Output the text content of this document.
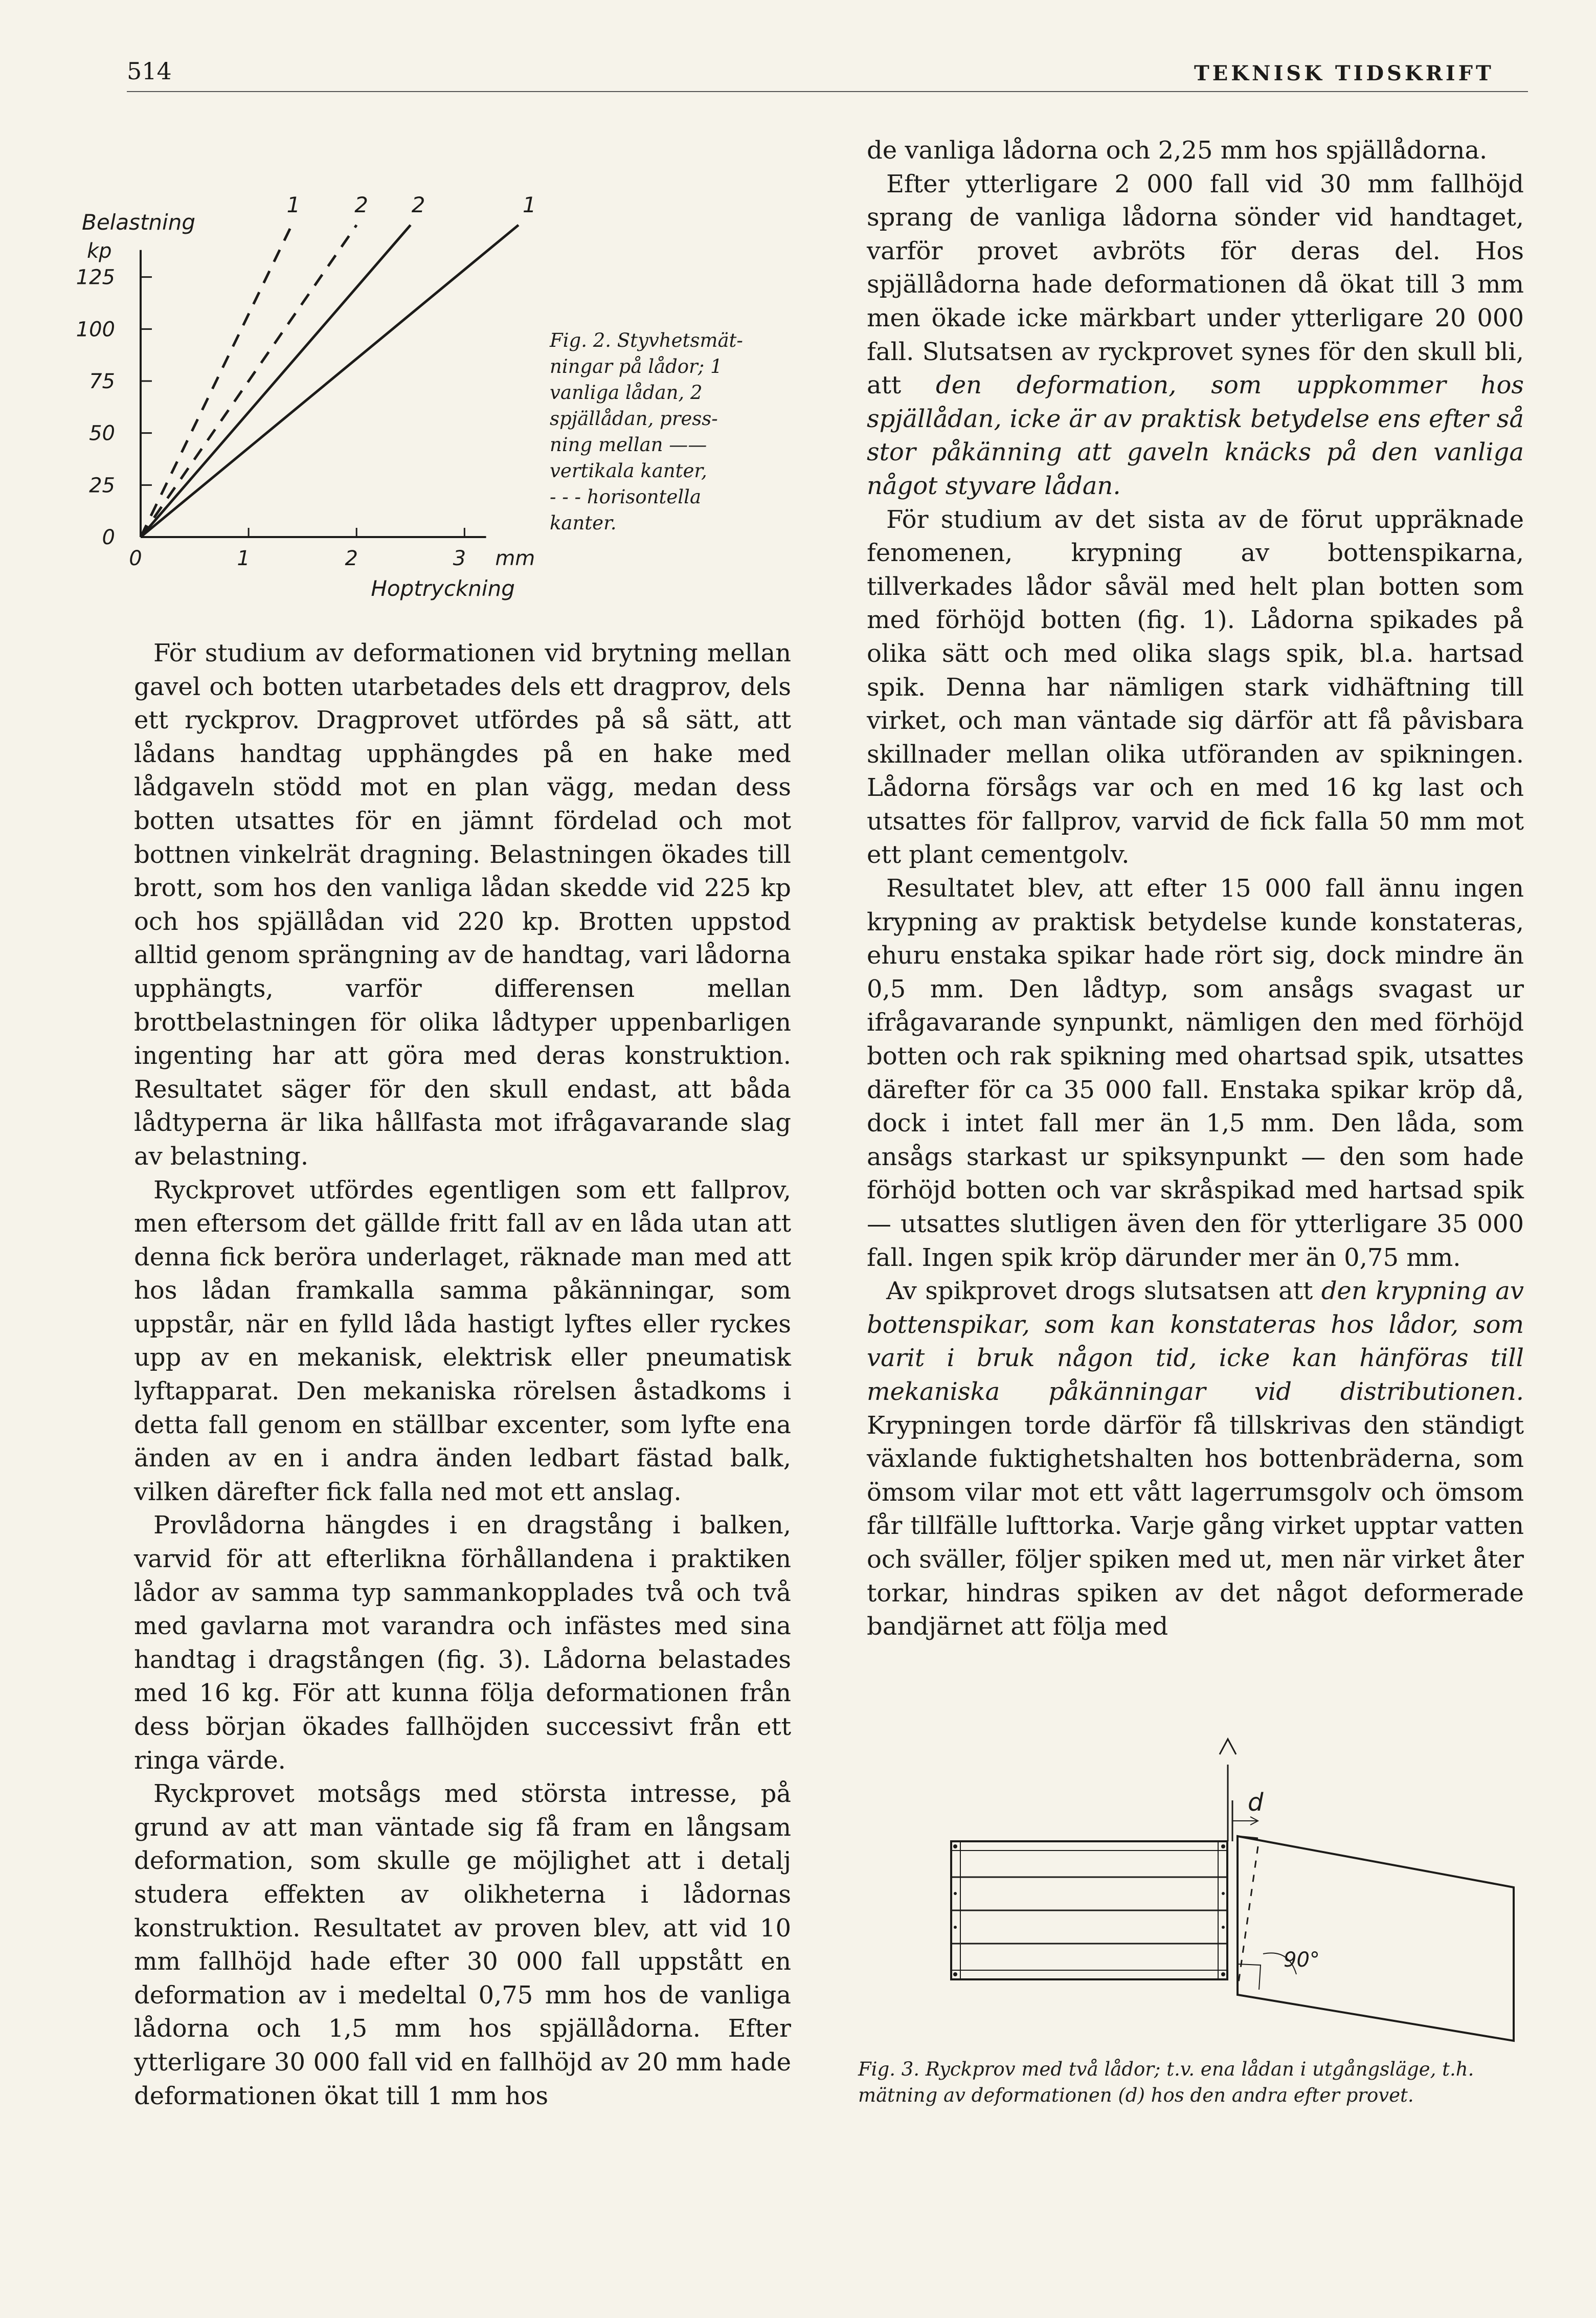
514	TEKNISK TIDSKRIFT
0
25
50
75
100
125
0	1	2	3 mm
Hoptryckning
Belastning
kp
1	2 2	1
Fig. 2. Styvhetsmät-
ningar på lådor; 1
vanliga lådan, 2
spjällådan, press-
ning mellan ——
vertikala kanter,
- - - horisontella
kanter.

För studium av deformationen vid brytning mellan gavel och botten utarbetades dels ett dragprov, dels ett ryckprov. Dragprovet utfördes på så sätt, att lådans handtag upphängdes på en hake med lådgaveln stödd mot en plan vägg, medan dess botten utsattes för en jämnt fördelad och mot bottnen vinkelrät dragning. Belastningen ökades till brott, som hos den vanliga lådan skedde vid 225 kp och hos spjällådan vid 220 kp. Brotten uppstod alltid genom sprängning av de handtag, vari lådorna upphängts, varför differensen mellan brottbelastningen för olika lådtyper uppenbarligen ingenting har att göra med deras konstruktion. Resultatet säger för den skull endast, att båda lådtyperna är lika hållfasta mot ifrågavarande slag av belastning.

Ryckprovet utfördes egentligen som ett fallprov, men eftersom det gällde fritt fall av en låda utan att denna fick beröra underlaget, räknade man med att hos lådan framkalla samma påkänningar, som uppstår, när en fylld låda hastigt lyftes eller ryckes upp av en mekanisk, elektrisk eller pneumatisk lyftapparat. Den mekaniska rörelsen åstadkoms i detta fall genom en ställbar excenter, som lyfte ena änden av en i andra änden ledbart fästad balk, vilken därefter fick falla ned mot ett anslag.

Provlådorna hängdes i en dragstång i balken, varvid för att efterlikna förhållandena i praktiken lådor av samma typ sammankopplades två och två med gavlarna mot varandra och infästes med sina handtag i dragstången (fig. 3). Lådorna belastades med 16 kg. För att kunna följa deformationen från dess början ökades fallhöjden successivt från ett ringa värde.

Ryckprovet motsågs med största intresse, på grund av att man väntade sig få fram en långsam deformation, som skulle ge möjlighet att i detalj studera effekten av olikheterna i lådornas konstruktion. Resultatet av proven blev, att vid 10 mm fallhöjd hade efter 30 000 fall uppstått en deformation av i medeltal 0,75 mm hos de vanliga lådorna och 1,5 mm hos spjällådorna. Efter ytterligare 30 000 fall vid en fallhöjd av 20 mm hade deformationen ökat till 1 mm hos

de vanliga lådorna och 2,25 mm hos spjällådorna.

Efter ytterligare 2 000 fall vid 30 mm fallhöjd sprang de vanliga lådorna sönder vid handtaget, varför provet avbröts för deras del. Hos spjällådorna hade deformationen då ökat till 3 mm men ökade icke märkbart under ytterligare 20 000 fall. Slutsatsen av ryckprovet synes för den skull bli, att den deformation, som uppkommer hos spjällådan, icke är av praktisk betydelse ens efter så stor påkänning att gaveln knäcks på den vanliga något styvare lådan.

För studium av det sista av de förut uppräknade fenomenen, krypning av bottenspikarna, tillverkades lådor såväl med helt plan botten som med förhöjd botten (fig. 1). Lådorna spikades på olika sätt och med olika slags spik, bl.a. hartsad spik. Denna har nämligen stark vidhäftning till virket, och man väntade sig därför att få påvisbara skillnader mellan olika utföranden av spikningen. Lådorna försågs var och en med 16 kg last och utsattes för fallprov, varvid de fick falla 50 mm mot ett plant cementgolv.

Resultatet blev, att efter 15 000 fall ännu ingen krypning av praktisk betydelse kunde konstateras, ehuru enstaka spikar hade rört sig, dock mindre än 0,5 mm. Den lådtyp, som ansågs svagast ur ifrågavarande synpunkt, nämligen den med förhöjd botten och rak spikning med ohartsad spik, utsattes därefter för ca 35 000 fall. Enstaka spikar kröp då, dock i intet fall mer än 1,5 mm. Den låda, som ansågs starkast ur spiksynpunkt — den som hade förhöjd botten och var skråspikad med hartsad spik — utsattes slutligen även den för ytterligare 35 000 fall. Ingen spik kröp därunder mer än 0,75 mm.

Av spikprovet drogs slutsatsen att den krypning av bottenspikar, som kan konstateras hos lådor, som varit i bruk någon tid, icke kan hänföras till mekaniska påkänningar vid distributionen. Krypningen torde därför få tillskrivas den ständigt växlande fuktighetshalten hos bottenbräderna, som ömsom vilar mot ett vått lagerrumsgolv och ömsom får tillfälle lufttorka. Varje gång virket upptar vatten och sväller, följer spiken med ut, men när virket åter torkar, hindras spiken av det något deformerade bandjärnet att följa med

d
90°
Fig. 3. Ryckprov med två lådor; t.v. ena lådan i utgångsläge, t.h. mätning av deformationen (d) hos den andra efter provet.
